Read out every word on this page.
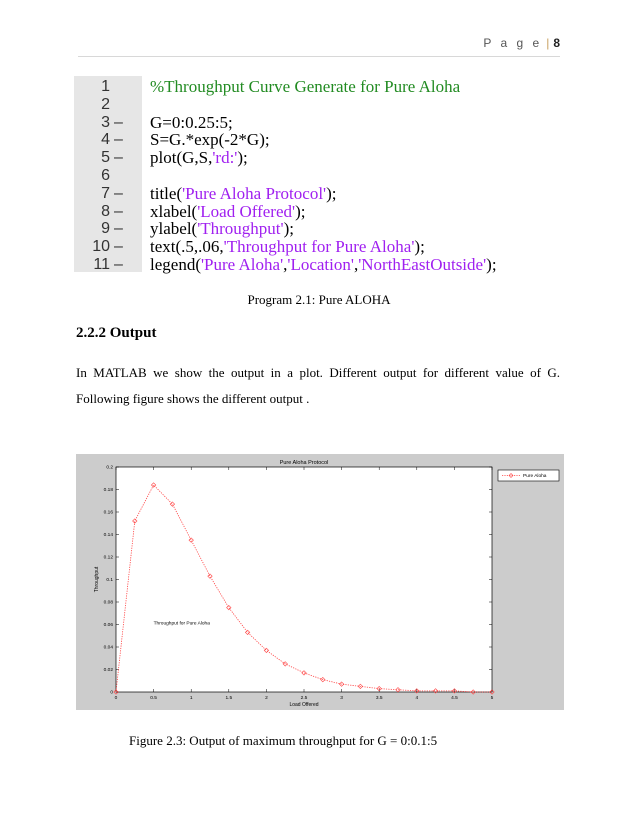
P a g e | 8
1 %Throughput Curve Generate for Pure Aloha
2
3 –	G=0:0.25:5;
4 –	S=G.*exp(-2*G);
5 –	plot(G,S,'rd:');
6
7 –	title('Pure Aloha Protocol');
8 –	xlabel('Load Offered');
9 –	ylabel('Throughput');
10 –	text(.5,.06,'Throughput for Pure Aloha');
11 –	legend('Pure Aloha','Location','NorthEastOutside');
Program 2.1: Pure ALOHA
2.2.2 Output
In MATLAB we show the output in a plot. Different output for different value of G. Following figure shows the different output .
Pure Aloha Protocol
Load Offered
Throughput
0	0.5	1	1.5	2	2.5	3	3.5	4	4.5	5
0
0.02
0.04
0.06
0.08
0.1
0.12
0.14
0.16
0.18
0.2
Throughput for Pure Aloha
Pure Aloha
Figure 2.3: Output of maximum throughput for G = 0:0.1:5
